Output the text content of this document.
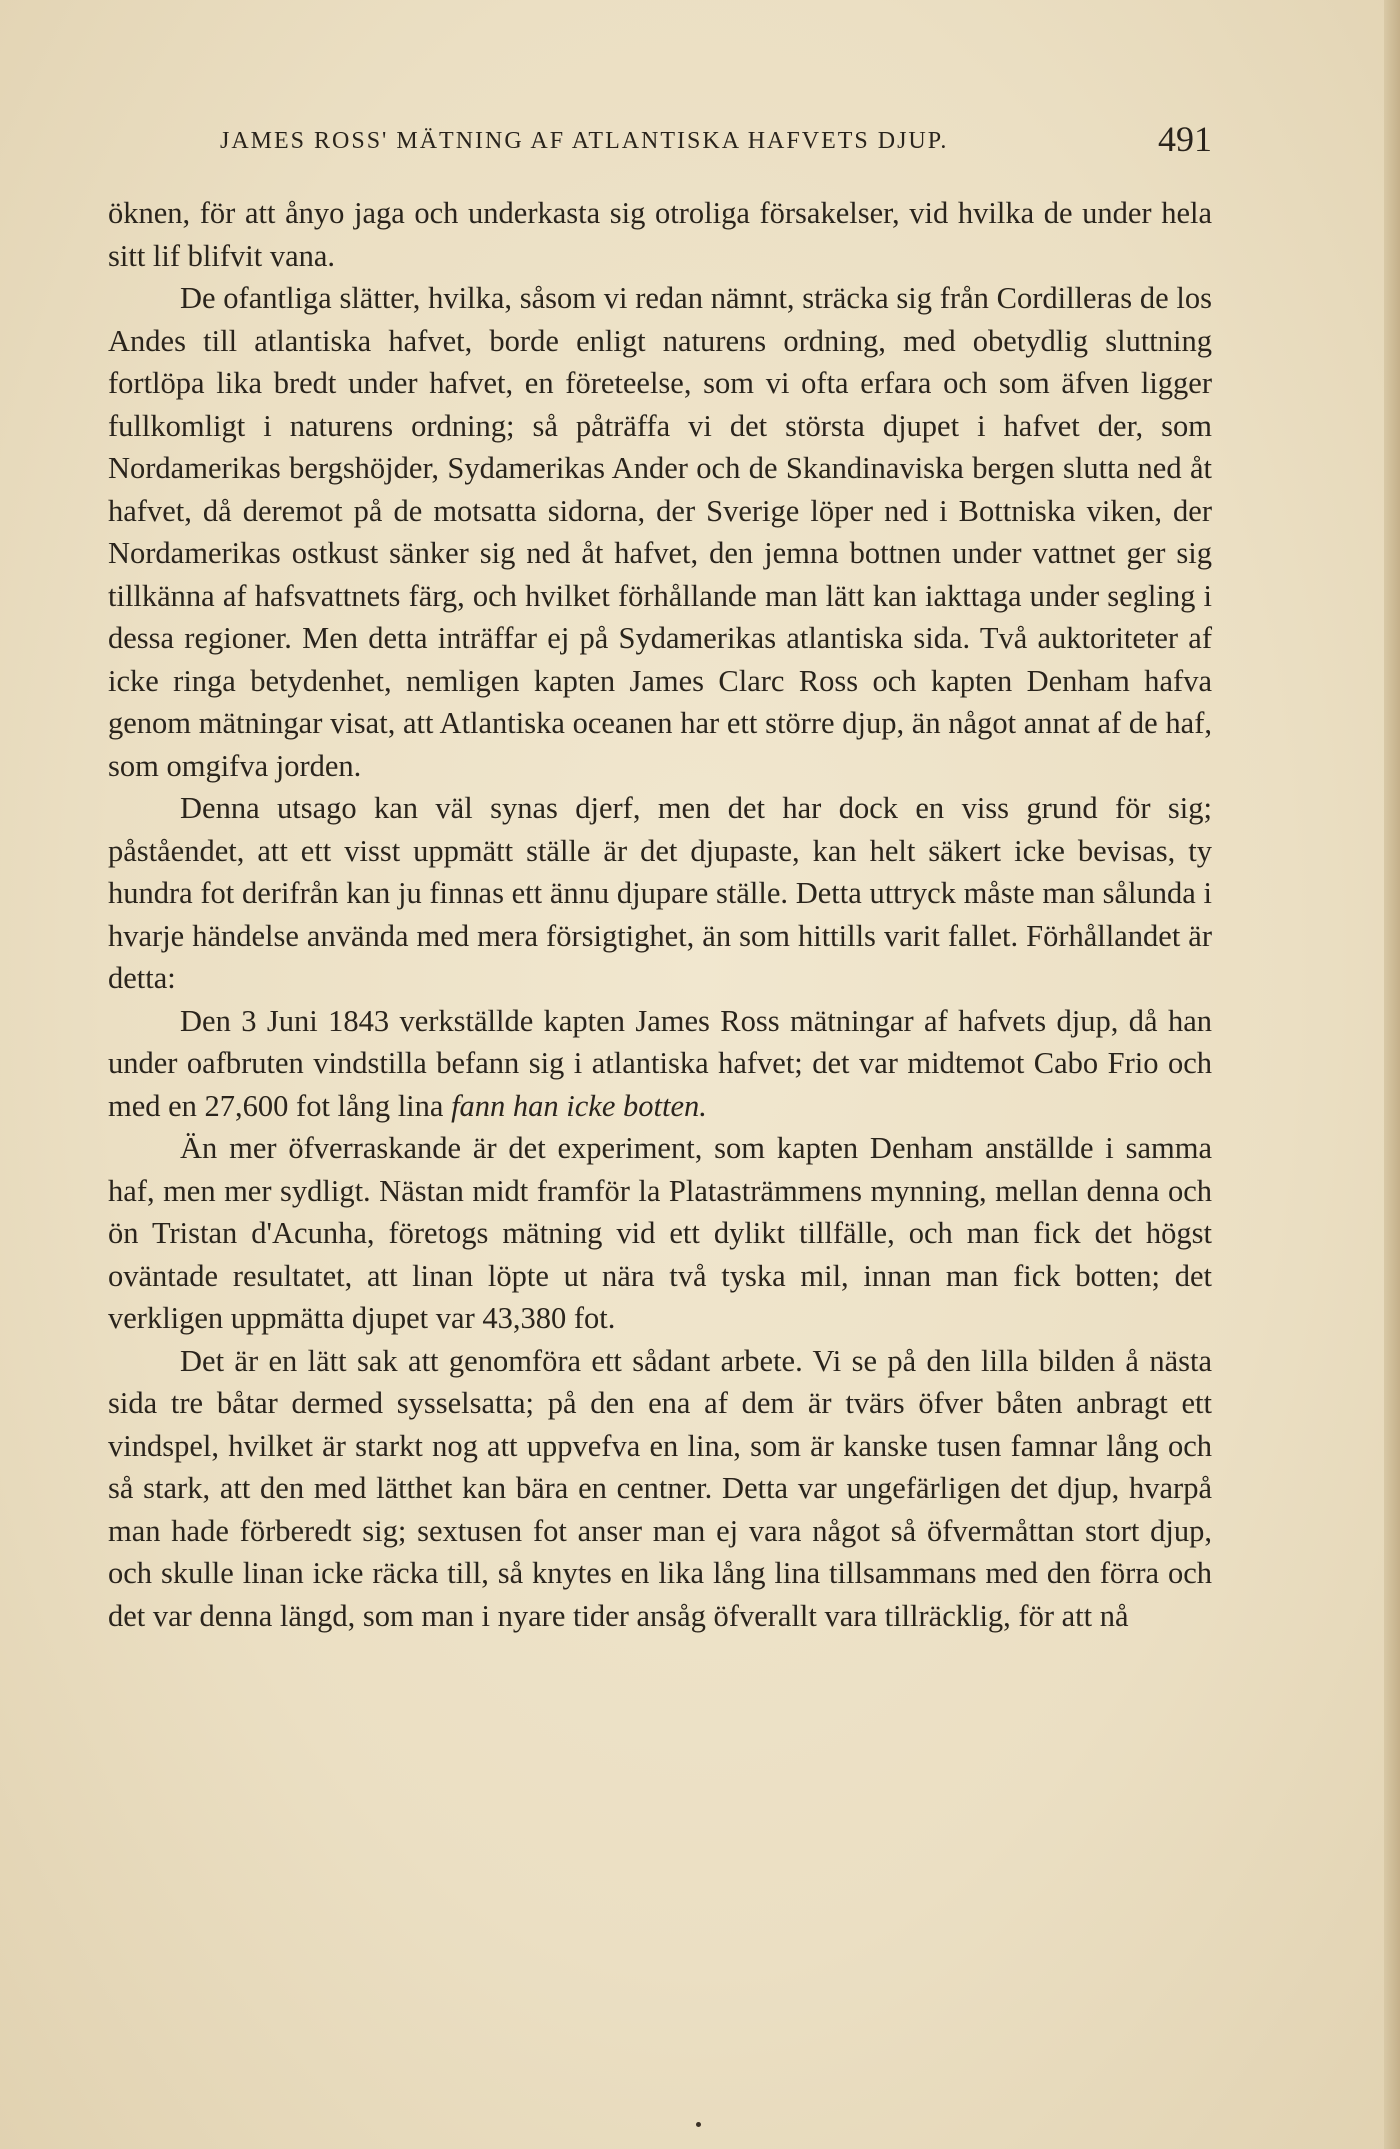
JAMES ROSS' MÄTNING AF ATLANTISKA HAFVETS DJUP.	491

öknen, för att ånyo jaga och underkasta sig otroliga försakelser, vid hvilka de under hela sitt lif blifvit vana.

De ofantliga slätter, hvilka, såsom vi redan nämnt, sträcka sig från Cordilleras de los Andes till atlantiska hafvet, borde enligt naturens ordning, med obetydlig sluttning fortlöpa lika bredt under hafvet, en företeelse, som vi ofta erfara och som äfven ligger fullkomligt i naturens ordning; så påträffa vi det största djupet i hafvet der, som Nordamerikas bergshöjder, Sydamerikas Ander och de Skandinaviska bergen slutta ned åt hafvet, då deremot på de motsatta sidorna, der Sverige löper ned i Bottniska viken, der Nordamerikas ostkust sänker sig ned åt hafvet, den jemna bottnen under vattnet ger sig tillkänna af hafsvattnets färg, och hvilket förhållande man lätt kan iakttaga under segling i dessa regioner. Men detta inträffar ej på Sydamerikas atlantiska sida. Två auktoriteter af icke ringa betydenhet, nemligen kapten James Clarc Ross och kapten Denham hafva genom mätningar visat, att Atlantiska oceanen har ett större djup, än något annat af de haf, som omgifva jorden.

Denna utsago kan väl synas djerf, men det har dock en viss grund för sig; påståendet, att ett visst uppmätt ställe är det djupaste, kan helt säkert icke bevisas, ty hundra fot derifrån kan ju finnas ett ännu djupare ställe. Detta uttryck måste man sålunda i hvarje händelse användа med mera försigtighet, än som hittills varit fallet. Förhållandet är detta:

Den 3 Juni 1843 verkställde kapten James Ross mätningar af hafvets djup, då han under oafbruten vindstilla befann sig i atlantiska hafvet; det var midtemot Cabo Frio och med en 27,600 fot lång lina fann han icke botten.

Än mer öfverraskande är det experiment, som kapten Denham anställde i samma haf, men mer sydligt. Nästan midt framför la Platasträmmens mynning, mellan denna och ön Tristan d'Acunha, företogs mätning vid ett dylikt tillfälle, och man fick det högst oväntade resultatet, att linan löpte ut nära två tyska mil, innan man fick botten; det verkligen uppmätta djupet var 43,380 fot.

Det är en lätt sak att genomföra ett sådant arbete. Vi se på den lilla bilden å nästa sida tre båtar dermed sysselsatta; på den ena af dem är tvärs öfver båten anbragt ett vindspel, hvilket är starkt nog att uppvefva en lina, som är kanske tusen famnar lång och så stark, att den med lätthet kan bära en centner. Detta var ungefärligen det djup, hvarpå man hade förberedt sig; sextusen fot anser man ej vara något så öfvermåttan stort djup, och skulle linan icke räcka till, så knytes en lika lång lina tillsammans med den förra och det var denna längd, som man i nyare tider ansåg öfverallt vara tillräcklig, för att nå
